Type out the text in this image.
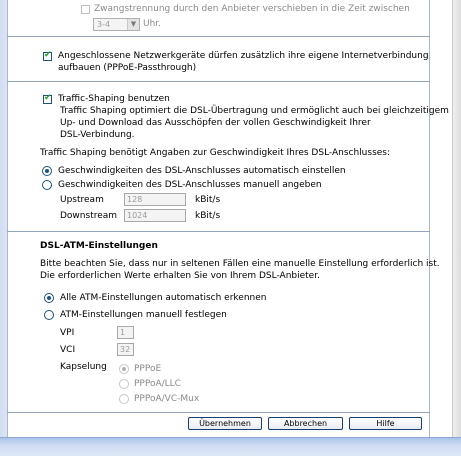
Zwangstrennung durch den Anbieter verschieben in die Zeit zwischen
3-4	▼ Uhr.
✔
Angeschlossene Netzwerkgeräte dürfen zusätzlich ihre eigene Internetverbindung
aufbauen (PPPoE-Passthrough)
✔
Traffic-Shaping benutzen
Traffic Shaping optimiert die DSL-Übertragung und ermöglicht auch bei gleichzeitigem
Up- und Download das Ausschöpfen der vollen Geschwindigkeit Ihrer
DSL-Verbindung.
Traffic Shaping benötigt Angaben zur Geschwindigkeit Ihres DSL-Anschlusses:
Geschwindigkeiten des DSL-Anschlusses automatisch einstellen
Geschwindigkeiten des DSL-Anschlusses manuell angeben
Upstream	128	kBit/s
Downstream	1024	kBit/s
DSL-ATM-Einstellungen
Bitte beachten Sie, dass nur in seltenen Fällen eine manuelle Einstellung erforderlich ist.
Die erforderlichen Werte erhalten Sie von Ihrem DSL-Anbieter.
Alle ATM-Einstellungen automatisch erkennen
ATM-Einstellungen manuell festlegen
VPI	1
VCI	32
Kapselung	PPPoE
PPPoA/LLC
PPPoA/VC-Mux
Übernehmen	Abbrechen	Hilfe
